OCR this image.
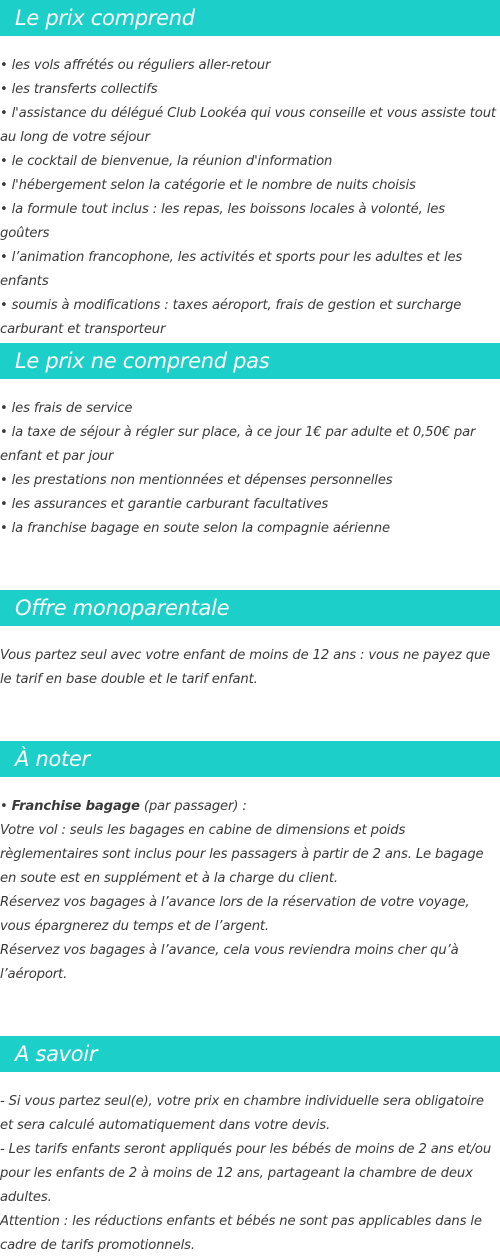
Le prix comprend
• les vols affrétés ou réguliers aller-retour
• les transferts collectifs
• l'assistance du délégué Club Lookéa qui vous conseille et vous assiste tout au long de votre séjour
• le cocktail de bienvenue, la réunion d'information
• l'hébergement selon la catégorie et le nombre de nuits choisis
• la formule tout inclus : les repas, les boissons locales à volonté, les goûters
• l’animation francophone, les activités et sports pour les adultes et les enfants
• soumis à modifications : taxes aéroport, frais de gestion et surcharge carburant et transporteur
Le prix ne comprend pas
• les frais de service
• la taxe de séjour à régler sur place, à ce jour 1€ par adulte et 0,50€ par enfant et par jour
• les prestations non mentionnées et dépenses personnelles
• les assurances et garantie carburant facultatives
• la franchise bagage en soute selon la compagnie aérienne
Offre monoparentale
Vous partez seul avec votre enfant de moins de 12 ans : vous ne payez que le tarif en base double et le tarif enfant.
À noter
• Franchise bagage (par passager) :
Votre vol : seuls les bagages en cabine de dimensions et poids règlementaires sont inclus pour les passagers à partir de 2 ans. Le bagage en soute est en supplément et à la charge du client.
Réservez vos bagages à l’avance lors de la réservation de votre voyage, vous épargnerez du temps et de l’argent.
Réservez vos bagages à l’avance, cela vous reviendra moins cher qu’à l’aéroport.
A savoir
- Si vous partez seul(e), votre prix en chambre individuelle sera obligatoire et sera calculé automatiquement dans votre devis.
- Les tarifs enfants seront appliqués pour les bébés de moins de 2 ans et/ou pour les enfants de 2 à moins de 12 ans, partageant la chambre de deux adultes.
Attention : les réductions enfants et bébés ne sont pas applicables dans le cadre de tarifs promotionnels.
